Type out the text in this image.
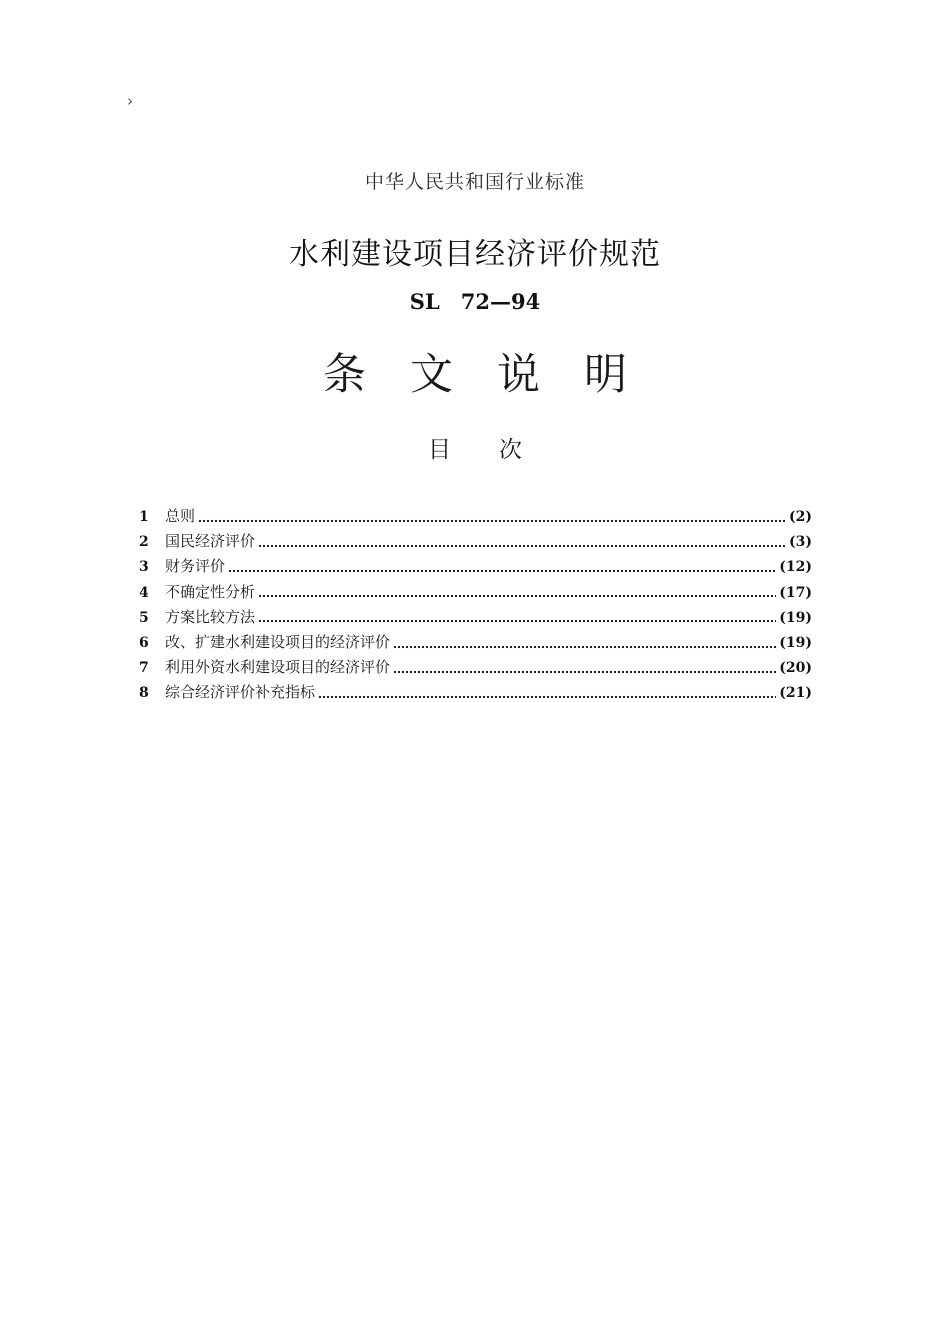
›
中华人民共和国行业标准
水利建设项目经济评价规范
SL　72—94
条文说明
目次
1	总则	(2)
2	国民经济评价	(3)
3	财务评价	(12)
4	不确定性分析	(17)
5	方案比较方法	(19)
6	改、扩建水利建设项目的经济评价	(19)
7	利用外资水利建设项目的经济评价	(20)
8	综合经济评价补充指标	(21)
